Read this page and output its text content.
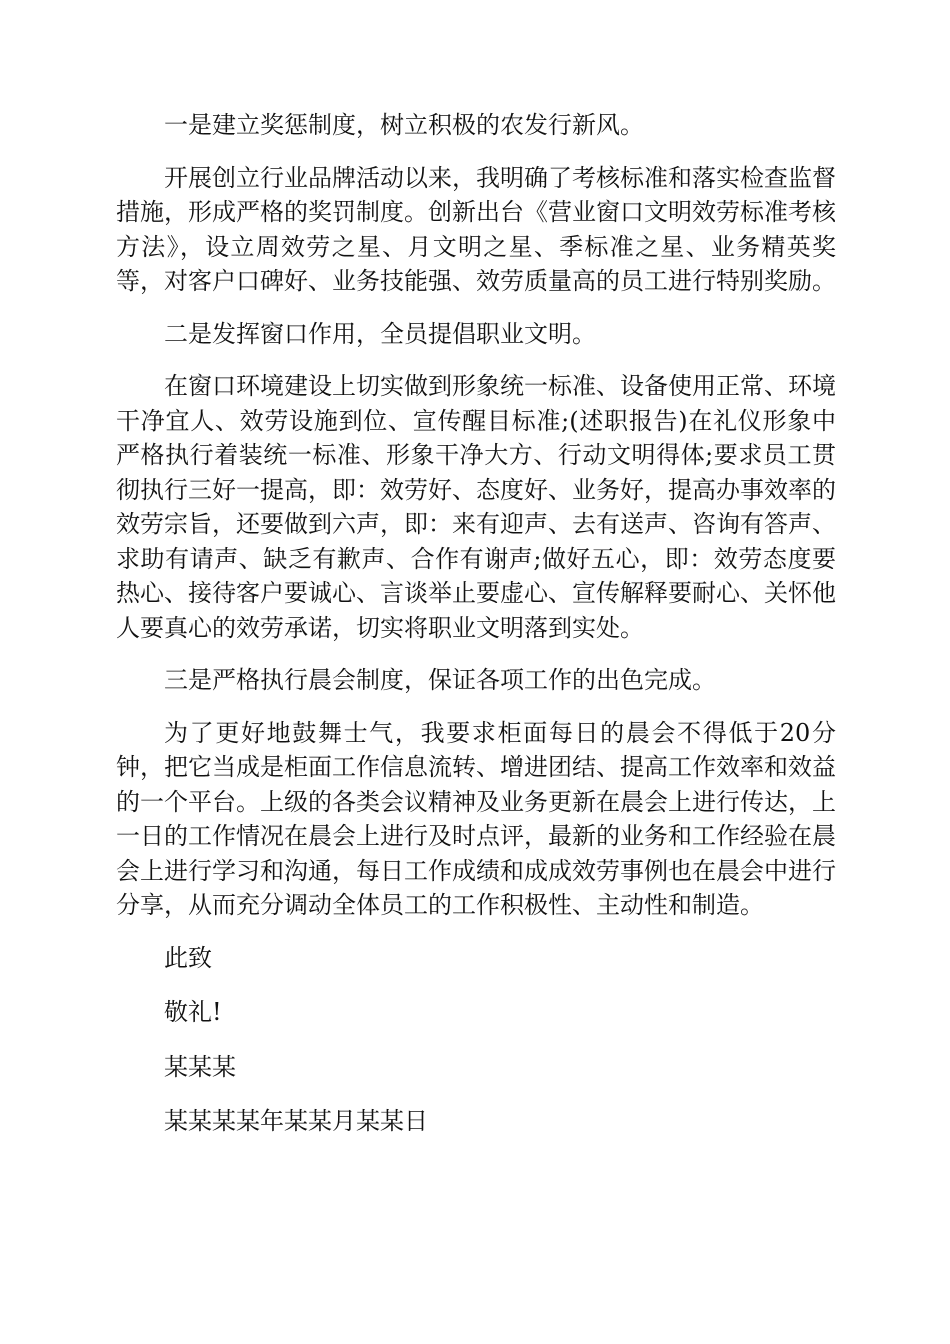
一是建立奖惩制度，树立积极的农发行新风。

开展创立行业品牌活动以来，我明确了考核标准和落实检查监督措施，形成严格的奖罚制度。创新出台《营业窗口文明效劳标准考核方法》，设立周效劳之星、月文明之星、季标准之星、业务精英奖等，对客户口碑好、业务技能强、效劳质量高的员工进行特别奖励。

二是发挥窗口作用，全员提倡职业文明。

在窗口环境建设上切实做到形象统一标准、设备使用正常、环境干净宜人、效劳设施到位、宣传醒目标准;(述职报告)在礼仪形象中严格执行着装统一标准、形象干净大方、行动文明得体;要求员工贯彻执行三好一提高，即：效劳好、态度好、业务好，提高办事效率的效劳宗旨，还要做到六声，即：来有迎声、去有送声、咨询有答声、求助有请声、缺乏有歉声、合作有谢声;做好五心，即：效劳态度要热心、接待客户要诚心、言谈举止要虚心、宣传解释要耐心、关怀他人要真心的效劳承诺，切实将职业文明落到实处。

三是严格执行晨会制度，保证各项工作的出色完成。

为了更好地鼓舞士气，我要求柜面每日的晨会不得低于20分钟，把它当成是柜面工作信息流转、增进团结、提高工作效率和效益的一个平台。上级的各类会议精神及业务更新在晨会上进行传达，上一日的工作情况在晨会上进行及时点评，最新的业务和工作经验在晨会上进行学习和沟通，每日工作成绩和成成效劳事例也在晨会中进行分享，从而充分调动全体员工的工作积极性、主动性和制造。

此致

敬礼!

某某某

某某某某年某某月某某日
